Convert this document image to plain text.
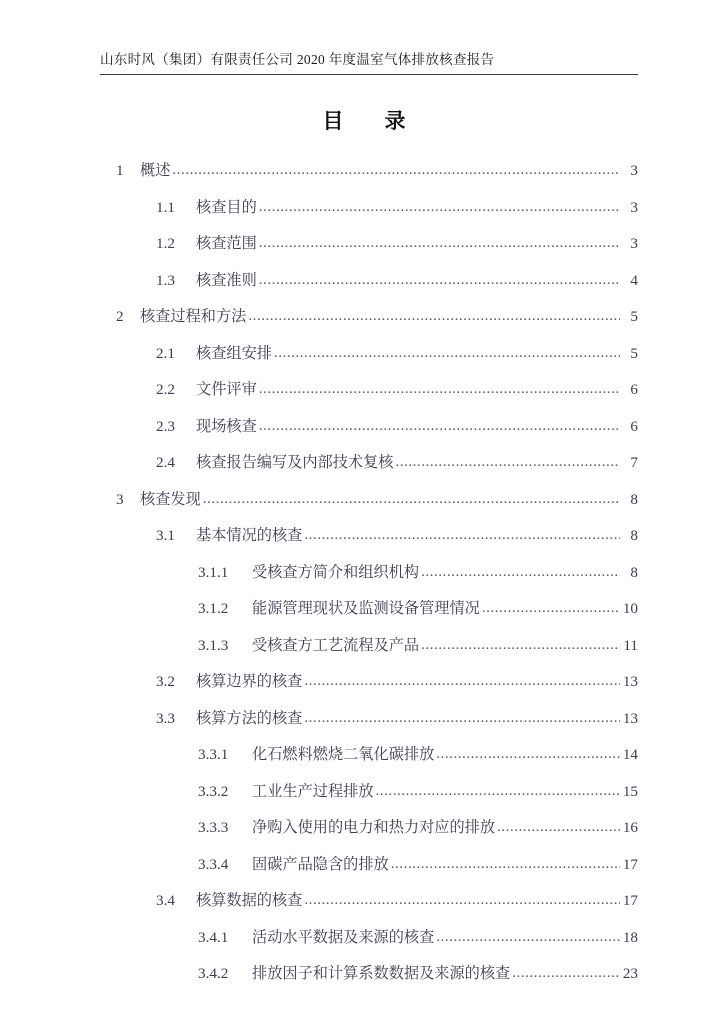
山东时风（集团）有限责任公司 2020 年度温室气体排放核查报告
目　录
1	概述 .....	3
1.1	核查目的 .....	3
1.2	核查范围 .....	3
1.3	核查准则 .....	4
2	核查过程和方法 .....	5
2.1	核查组安排 .....	5
2.2	文件评审 .....	6
2.3	现场核查 .....	6
2.4	核查报告编写及内部技术复核 .....	7
3	核查发现 .....	8
3.1	基本情况的核查 .....	8
3.1.1	受核查方简介和组织机构 .....	8
3.1.2	能源管理现状及监测设备管理情况 .....	10
3.1.3	受核查方工艺流程及产品 .....	11
3.2	核算边界的核查 .....	13
3.3	核算方法的核查 .....	13
3.3.1	化石燃料燃烧二氧化碳排放 .....	14
3.3.2	工业生产过程排放 .....	15
3.3.3	净购入使用的电力和热力对应的排放 .....	16
3.3.4	固碳产品隐含的排放 .....	17
3.4	核算数据的核查 .....	17
3.4.1	活动水平数据及来源的核查 .....	18
3.4.2	排放因子和计算系数数据及来源的核查 .....	23
